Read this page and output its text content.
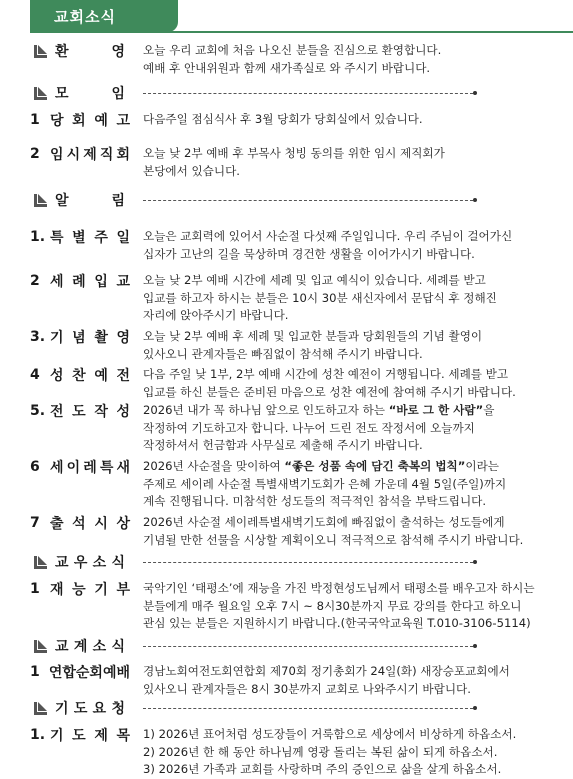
교회소식
환	영 오늘 우리 교회에 처음 나오신 분들을 진심으로 환영합니다.
예배 후 안내위원과 함께 새가족실로 와 주시기 바랍니다.
모	임
1 당 회 예 고 다음주일 점심식사 후 3월 당회가 당회실에서 있습니다.
2 임 시 제 직 회 오늘 낮 2부 예배 후 부목사 청빙 동의를 위한 임시 제직회가
본당에서 있습니다.
알	림
1. 특 별 주 일 오늘은 교회력에 있어서 사순절 다섯째 주일입니다. 우리 주님이 걸어가신
십자가 고난의 길을 묵상하며 경건한 생활을 이어가시기 바랍니다.
2 세 례 입 교 오늘 낮 2부 예배 시간에 세례 및 입교 예식이 있습니다. 세례를 받고
입교를 하고자 하시는 분들은 10시 30분 새신자에서 문답식 후 정해진
자리에 앉아주시기 바랍니다.
3. 기 념 촬 영 오늘 낮 2부 예배 후 세례 및 입교한 분들과 당회원들의 기념 촬영이
있사오니 관계자들은 빠짐없이 참석해 주시기 바랍니다.
4 성 찬 예 전 다음 주일 낮 1부, 2부 예배 시간에 성찬 예전이 거행됩니다. 세례를 받고
입교를 하신 분들은 준비된 마음으로 성찬 예전에 참여해 주시기 바랍니다.
5. 전 도 작 성 2026년 내가 꼭 하나님 앞으로 인도하고자 하는 “바로 그 한 사람”을
작정하여 기도하고자 합니다. 나누어 드린 전도 작정서에 오늘까지
작정하셔서 헌금함과 사무실로 제출해 주시기 바랍니다.
6 세 이 레 특 새 2026년 사순절을 맞이하여 “좋은 성품 속에 담긴 축복의 법칙”이라는
주제로 세이레 사순절 특별새벽기도회가 은혜 가운데 4월 5일(주일)까지
계속 진행됩니다. 미참석한 성도들의 적극적인 참석을 부탁드립니다.
7 출 석 시 상 2026년 사순절 세이레특별새벽기도회에 빠짐없이 출석하는 성도들에게
기념될 만한 선물을 시상할 계획이오니 적극적으로 참석해 주시기 바랍니다.
교 우 소 식
1 재 능 기 부 국악기인 ‘태평소’에 재능을 가진 박정현성도님께서 태평소를 배우고자 하시는
분들에게 매주 월요일 오후 7시 ~ 8시30분까지 무료 강의를 한다고 하오니
관심 있는 분들은 지원하시기 바랍니다.(한국국악교육원 T.010-3106-5114)
교 계 소 식
1 연 합 순 회 예 배 경남노회여전도회연합회 제70회 정기총회가 24일(화) 새장승포교회에서
있사오니 관계자들은 8시 30분까지 교회로 나와주시기 바랍니다.
기 도 요 청
1. 기 도 제 목 1) 2026년 표어처럼 성도장들이 거룩함으로 세상에서 비상하게 하옵소서.
2) 2026년 한 해 동안 하나님께 영광 돌리는 복된 삶이 되게 하옵소서.
3) 2026년 가족과 교회를 사랑하며 주의 증인으로 삶을 살게 하옵소서.
